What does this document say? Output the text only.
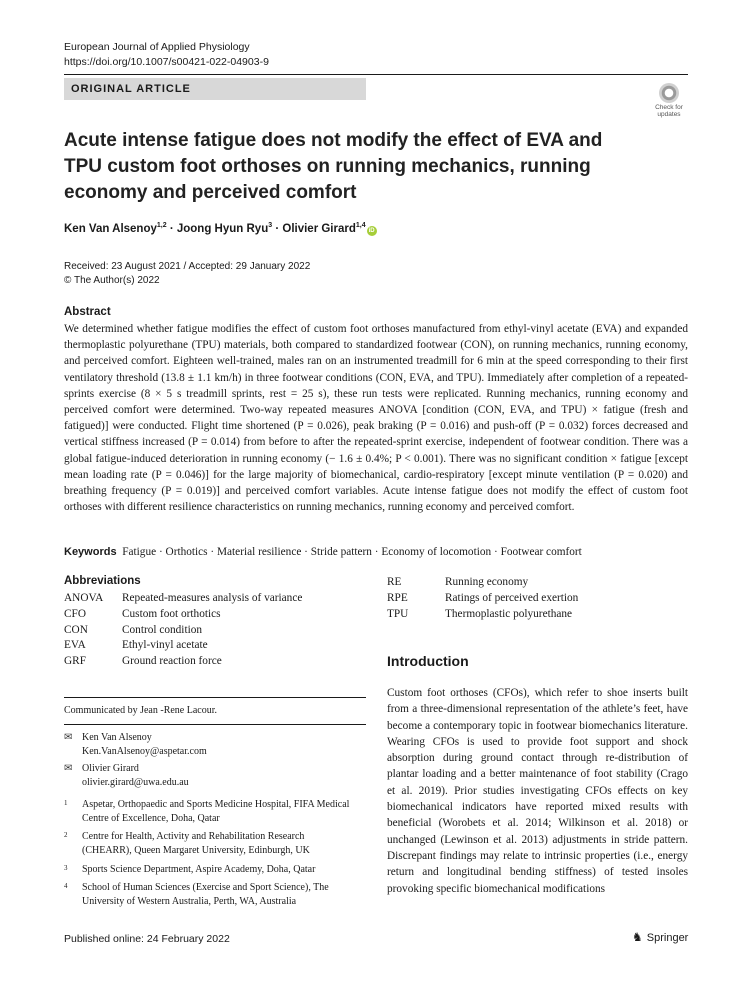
European Journal of Applied Physiology
https://doi.org/10.1007/s00421-022-04903-9
ORIGINAL ARTICLE
Check for
updates
Acute intense fatigue does not modify the effect of EVA and TPU custom foot orthoses on running mechanics, running economy and perceived comfort
Ken Van Alsenoy$^{1,2}$ · Joong Hyun Ryu$^3$ · Olivier Girard$^{1,4}$iD
Received: 23 August 2021 / Accepted: 29 January 2022
© The Author(s) 2022
Abstract

We determined whether fatigue modifies the effect of custom foot orthoses manufactured from ethyl-vinyl acetate (EVA) and expanded thermoplastic polyurethane (TPU) materials, both compared to standardized footwear (CON), on running mechanics, running economy, and perceived comfort. Eighteen well-trained, males ran on an instrumented treadmill for 6 min at the speed corresponding to their first ventilatory threshold (13.8 ± 1.1 km/h) in three footwear conditions (CON, EVA, and TPU). Immediately after completion of a repeated-sprints exercise (8 × 5 s treadmill sprints, rest = 25 s), these run tests were replicated. Running mechanics, running economy and perceived comfort were determined. Two-way repeated measures ANOVA [condition (CON, EVA, and TPU) × fatigue (fresh and fatigued)] were conducted. Flight time shortened (P = 0.026), peak braking (P = 0.016) and push-off (P = 0.032) forces decreased and vertical stiffness increased (P = 0.014) from before to after the repeated-sprint exercise, independent of footwear condition. There was a global fatigue-induced deterioration in running economy (− 1.6 ± 0.4%; P < 0.001). There was no significant condition × fatigue [except mean loading rate (P = 0.046)] for the large majority of biomechanical, cardio-respiratory [except minute ventilation (P = 0.020) and breathing frequency (P = 0.019)] and perceived comfort variables. Acute intense fatigue does not modify the effect of custom foot orthoses with different resilience characteristics on running mechanics, running economy and perceived comfort.

Keywords Fatigue · Orthotics · Material resilience · Stride pattern · Economy of locomotion · Footwear comfort
Abbreviations
ANOVA	Repeated-measures analysis of variance
CFO	Custom foot orthotics
CON	Control condition
EVA	Ethyl-vinyl acetate
GRF	Ground reaction force
RE	Running economy
RPE	Ratings of perceived exertion
TPU	Thermoplastic polyurethane
Introduction

Custom foot orthoses (CFOs), which refer to shoe inserts built from a three-dimensional representation of the athlete’s feet, have become a contemporary topic in footwear biomechanics literature. Wearing CFOs is used to provide foot support and shock absorption during ground contact through re-distribution of plantar loading and a better maintenance of foot stability (Crago et al. 2019). Prior studies investigating CFOs effects on key biomechanical indicators have reported mixed results with beneficial (Worobets et al. 2014; Wilkinson et al. 2018) or unchanged (Lewinson et al. 2013) adjustments in stride pattern. Discrepant findings may relate to intrinsic properties (i.e., energy return and longitudinal bending stiffness) of tested insoles provoking specific biomechanical modifications

Communicated by Jean -Rene Lacour.
✉ Ken Van Alsenoy
Ken.VanAlsenoy@aspetar.com
✉ Olivier Girard
olivier.girard@uwa.edu.au
1 Aspetar, Orthopaedic and Sports Medicine Hospital, FIFA Medical Centre of Excellence, Doha, Qatar
2 Centre for Health, Activity and Rehabilitation Research (CHEARR), Queen Margaret University, Edinburgh, UK
3 Sports Science Department, Aspire Academy, Doha, Qatar
4 School of Human Sciences (Exercise and Sport Science), The University of Western Australia, Perth, WA, Australia
Published online: 24 February 2022	♞ Springer
